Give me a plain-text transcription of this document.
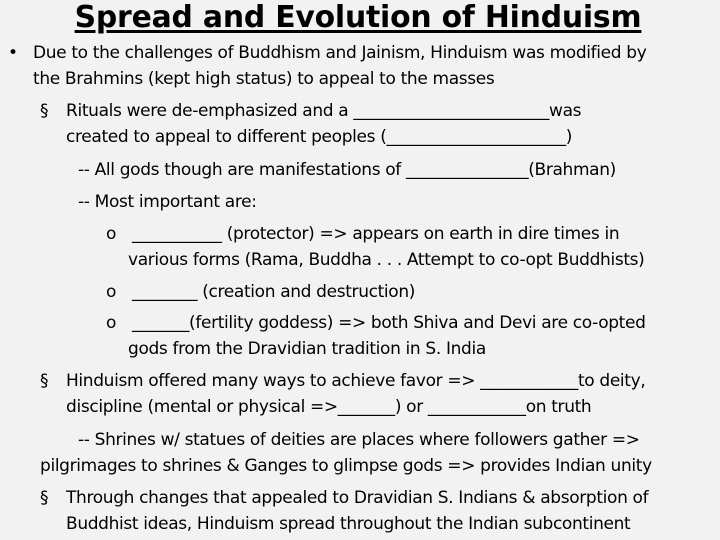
Spread and Evolution of Hinduism
• Due to the challenges of Buddhism and Jainism, Hinduism was modified by
the Brahmins (kept high status) to appeal to the masses
§ Rituals were de-emphasized and a ________________________was
created to appeal to different peoples (______________________)
-- All gods though are manifestations of _______________(Brahman)
-- Most important are:
o ___________ (protector) => appears on earth in dire times in
various forms (Rama, Buddha . . . Attempt to co-opt Buddhists)
o ________ (creation and destruction)
o _______(fertility goddess) => both Shiva and Devi are co-opted
gods from the Dravidian tradition in S. India
§ Hinduism offered many ways to achieve favor => ____________to deity,
discipline (mental or physical =>_______) or ____________on truth
-- Shrines w/ statues of deities are places where followers gather =>
pilgrimages to shrines & Ganges to glimpse gods => provides Indian unity
§ Through changes that appealed to Dravidian S. Indians & absorption of
Buddhist ideas, Hinduism spread throughout the Indian subcontinent
